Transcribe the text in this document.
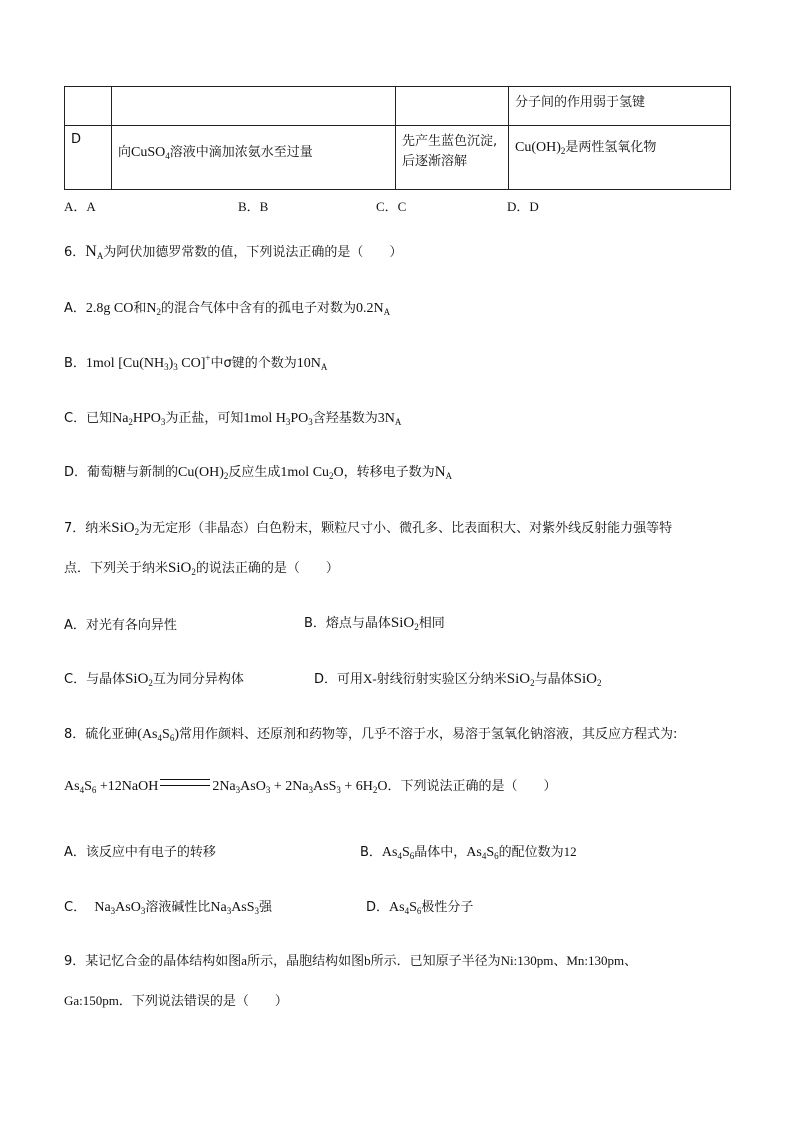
			分子间的作用弱于氢键

D	向CuSO$_4$溶液中滴加浓氨水至过量	先产生蓝色沉淀,
后逐渐溶解	$Cu(OH)_2$是两性氢氧化物
A．A	B．B	C．C	D．D
6．$N_A$为阿伏加德罗常数的值，下列说法正确的是（　　）
A．2.8g CO和$N_2$的混合气体中含有的孤电子对数为$0.2N_A$
B．1mol [$Cu(NH_3)_3$ CO]+中σ键的个数为$10N_A$
C．已知$Na_2HPO_3$为正盐，可知1mol $H_3PO_3$含羟基数为$3N_A$
D．葡萄糖与新制的$Cu(OH)_2$反应生成1mol $Cu_2O$，转移电子数为$N_A$
7．纳米SiO$_2$为无定形（非晶态）白色粉末，颗粒尺寸小、微孔多、比表面积大、对紫外线反射能力强等特
点．下列关于纳米SiO$_2$的说法正确的是（　　）
A．对光有各向异性	B．熔点与晶体SiO$_2$相同
C．与晶体SiO$_2$互为同分异构体	D．可用X-射线衍射实验区分纳米SiO$_2$与晶体SiO$_2$
8．硫化亚砷$(As_4S_6)$常用作颜料、还原剂和药物等，几乎不溶于水，易溶于氢氧化钠溶液，其反应方程式为:
$As_4S_6$ +12NaOH	$2Na_3AsO_3 + 2Na_3AsS_3 + 6H_2O$．下列说法正确的是（　　）
A．该反应中有电子的转移	B．$As_4S_6$晶体中，$As_4S_6$的配位数为12
C．  $Na_3AsO_3$溶液碱性比$Na_3AsS_3$强	D．$As_4S_6$极性分子
9．某记忆合金的晶体结构如图a所示，晶胞结构如图b所示．已知原子半径为Ni:130pm、Mn:130pm、
Ga:150pm．下列说法错误的是（　　）
